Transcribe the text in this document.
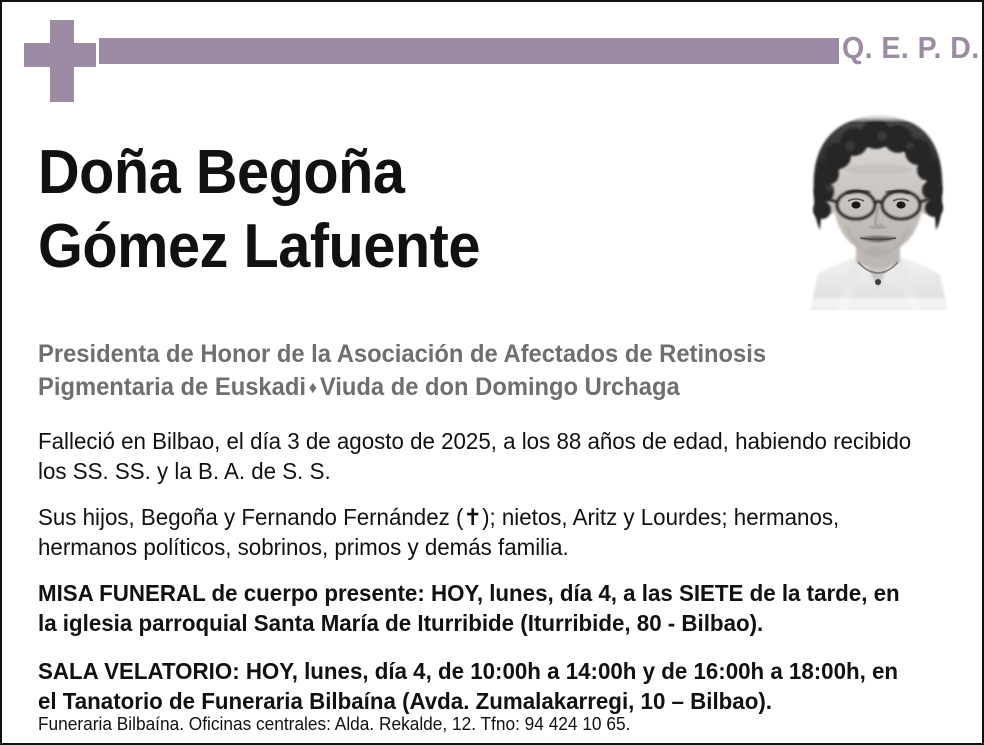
Q. E. P. D.
Doña Begoña
Gómez Lafuente
Presidenta de Honor de la Asociación de Afectados de Retinosis Pigmentaria de Euskadi ♦ Viuda de don Domingo Urchaga

Falleció en Bilbao, el día 3 de agosto de 2025, a los 88 años de edad, habiendo recibido los SS. SS. y la B. A. de S. S.

Sus hijos, Begoña y Fernando Fernández (✝); nietos, Aritz y Lourdes; hermanos, hermanos políticos, sobrinos, primos y demás familia.

MISA FUNERAL de cuerpo presente: HOY, lunes, día 4, a las SIETE de la tarde, en la iglesia parroquial Santa María de Iturribide (Iturribide, 80 - Bilbao).

SALA VELATORIO: HOY, lunes, día 4, de 10:00h a 14:00h y de 16:00h a 18:00h, en el Tanatorio de Funeraria Bilbaína (Avda. Zumalakarregi, 10 – Bilbao).

Funeraria Bilbaína. Oficinas centrales: Alda. Rekalde, 12. Tfno: 94 424 10 65.
